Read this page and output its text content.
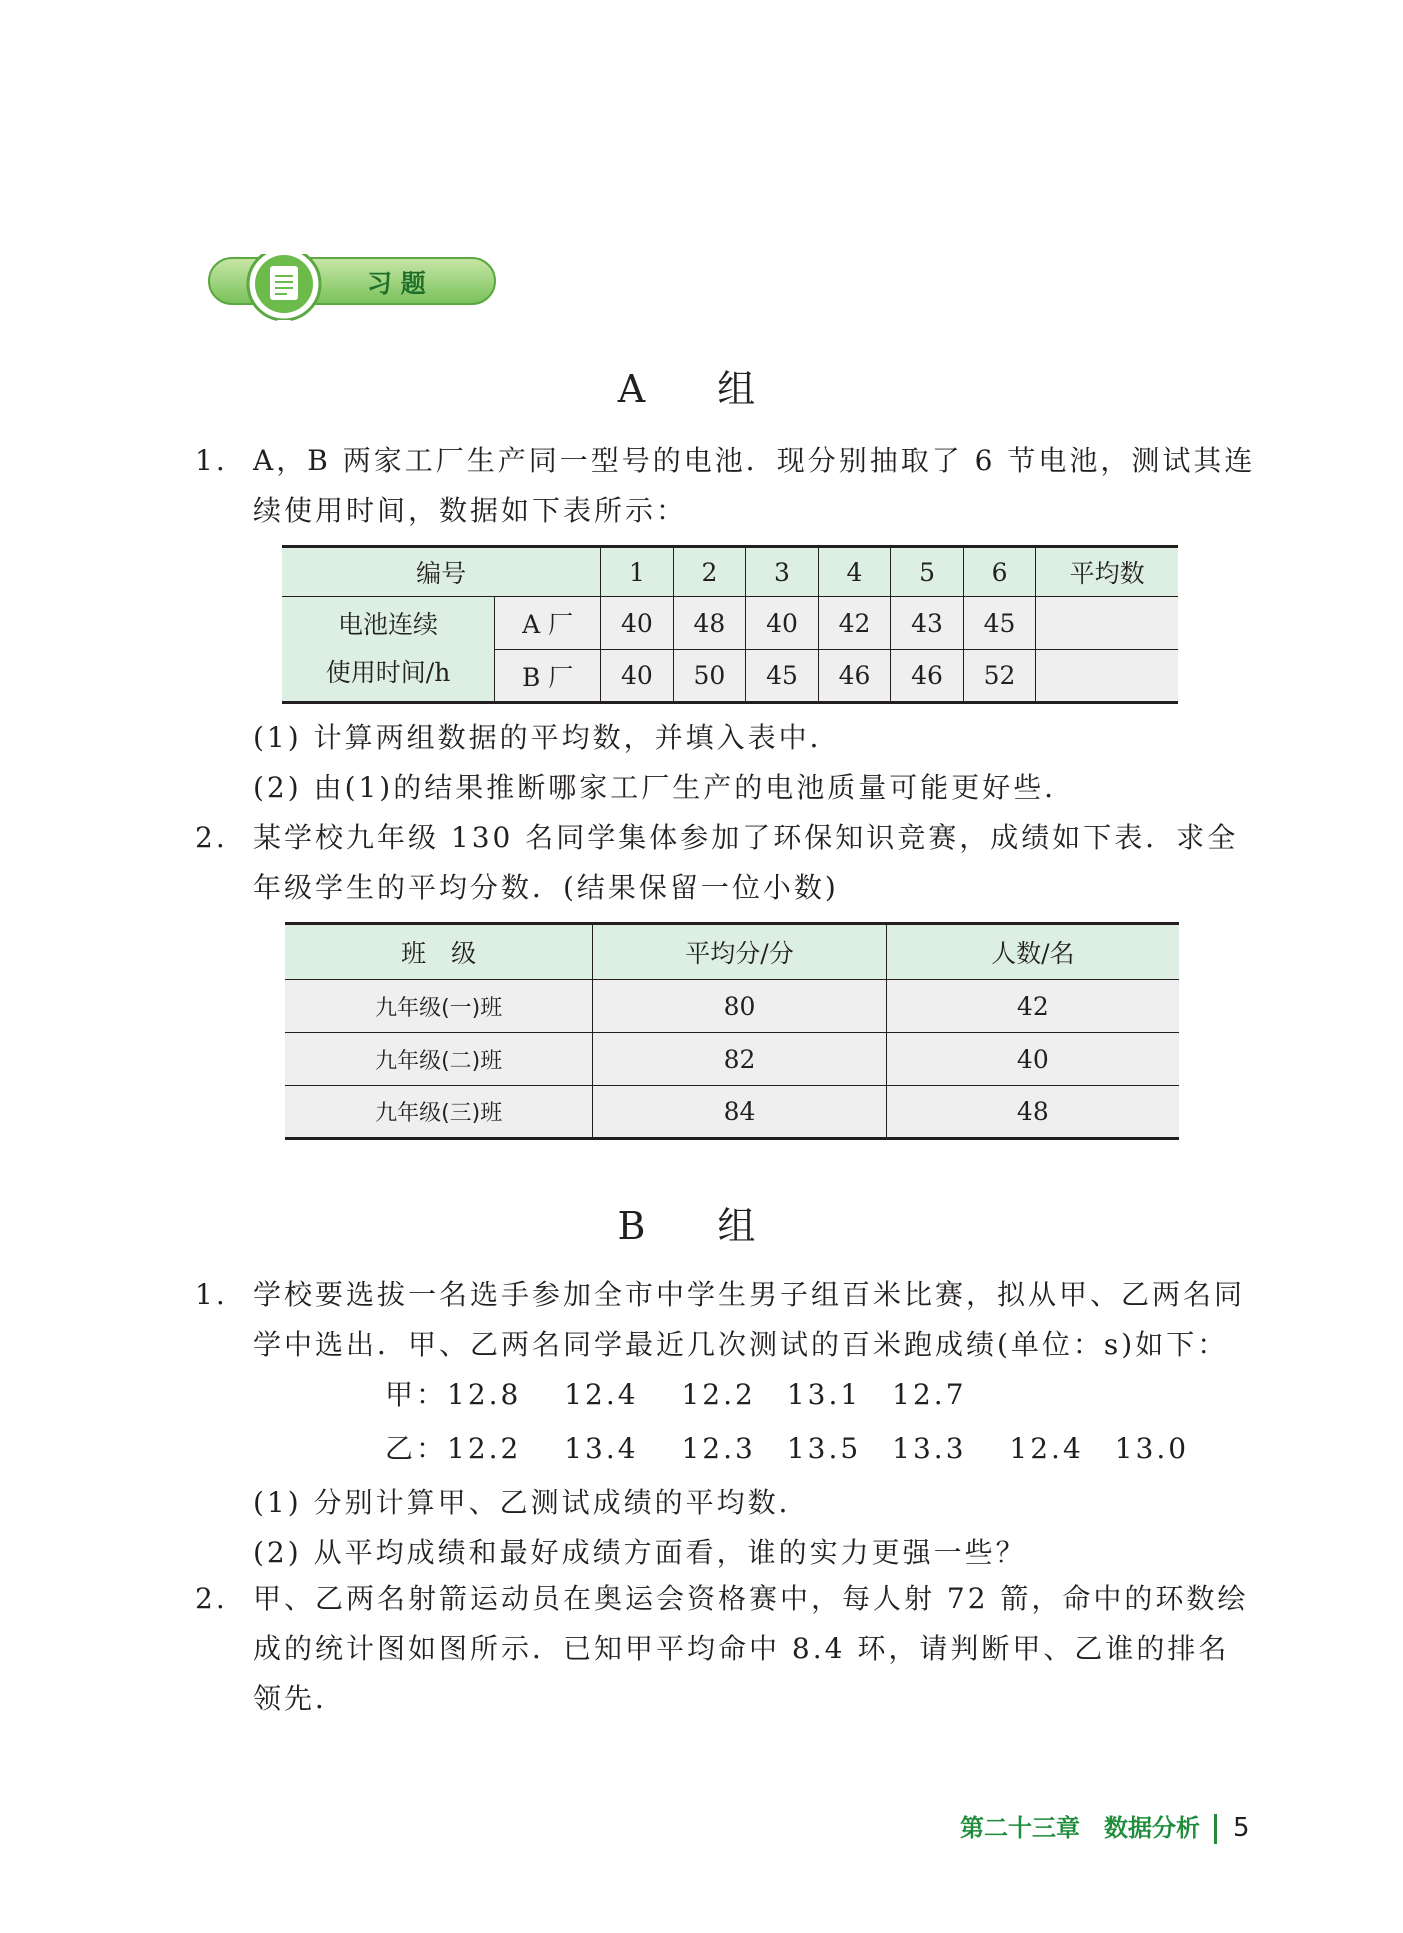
习 题
A 组
1. A，B 两家工厂生产同一型号的电池．现分别抽取了 6 节电池，测试其连
续使用时间，数据如下表所示：
编号		1	2	3	4	5	6	平均数

电池连续
使用时间/h	A 厂	40	48	40	42	43	45	
	B 厂	40	50	45	46	46	52	
(1) 计算两组数据的平均数，并填入表中．
(2) 由(1)的结果推断哪家工厂生产的电池质量可能更好些．
2. 某学校九年级 130 名同学集体参加了环保知识竞赛，成绩如下表．求全
年级学生的平均分数．(结果保留一位小数)
班　级	平均分/分	人数/名
九年级(一)班	80	42
九年级(二)班	82	40
九年级(三)班	84	48
B 组
1. 学校要选拔一名选手参加全市中学生男子组百米比赛，拟从甲、乙两名同
学中选出．甲、乙两名同学最近几次测试的百米跑成绩(单位：s)如下：
甲：12.8　 12.4　 12.2　13.1　12.7
乙：12.2　 13.4　 12.3　13.5　13.3　 12.4　13.0
(1) 分别计算甲、乙测试成绩的平均数．
(2) 从平均成绩和最好成绩方面看，谁的实力更强一些？
2. 甲、乙两名射箭运动员在奥运会资格赛中，每人射 72 箭，命中的环数绘
成的统计图如图所示．已知甲平均命中 8.4 环，请判断甲、乙谁的排名
领先．
第二十三章　数据分析 5
